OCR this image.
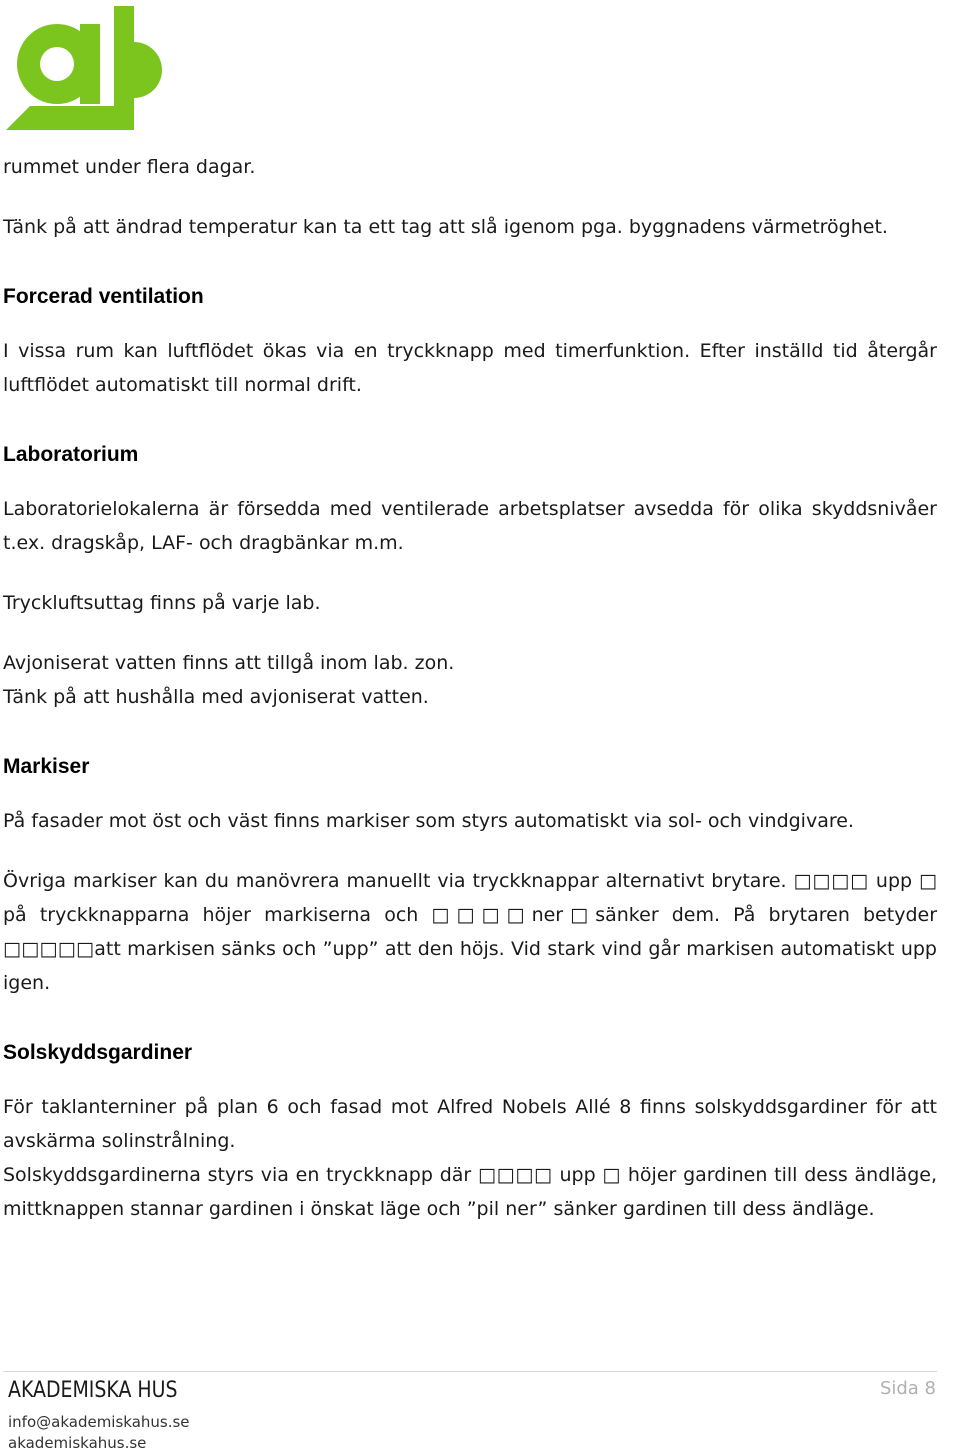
rummet under flera dagar.

Tänk på att ändrad temperatur kan ta ett tag att slå igenom pga. byggnadens värmetröghet.

Forcerad ventilation

I vissa rum kan luftflödet ökas via en tryckknapp med timerfunktion. Efter inställd tid återgår luftflödet automatiskt till normal drift.

Laboratorium

Laboratorielokalerna är försedda med ventilerade arbetsplatser avsedda för olika skyddsnivåer t.ex. dragskåp, LAF- och dragbänkar m.m.

Tryckluftsuttag finns på varje lab.

Avjoniserat vatten finns att tillgå inom lab. zon.

Tänk på att hushålla med avjoniserat vatten.

Markiser

På fasader mot öst och väst finns markiser som styrs automatiskt via sol- och vindgivare.

Övriga markiser kan du manövrera manuellt via tryckknappar alternativt brytare. □□□□ upp □ på tryckknapparna höjer markiserna och □□□□ner□sänker dem. På brytaren betyder □□□□□att markisen sänks och ”upp” att den höjs. Vid stark vind går markisen automatiskt upp igen.

Solskyddsgardiner

För taklanterniner på plan 6 och fasad mot Alfred Nobels Allé 8 finns solskyddsgardiner för att avskärma solinstrålning.

Solskyddsgardinerna styrs via en tryckknapp där □□□□ upp □ höjer gardinen till dess ändläge, mittknappen stannar gardinen i önskat läge och ”pil ner” sänker gardinen till dess ändläge.

AKADEMISKA HUS
info@akademiskahus.se
akademiskahus.se
Sida 8
